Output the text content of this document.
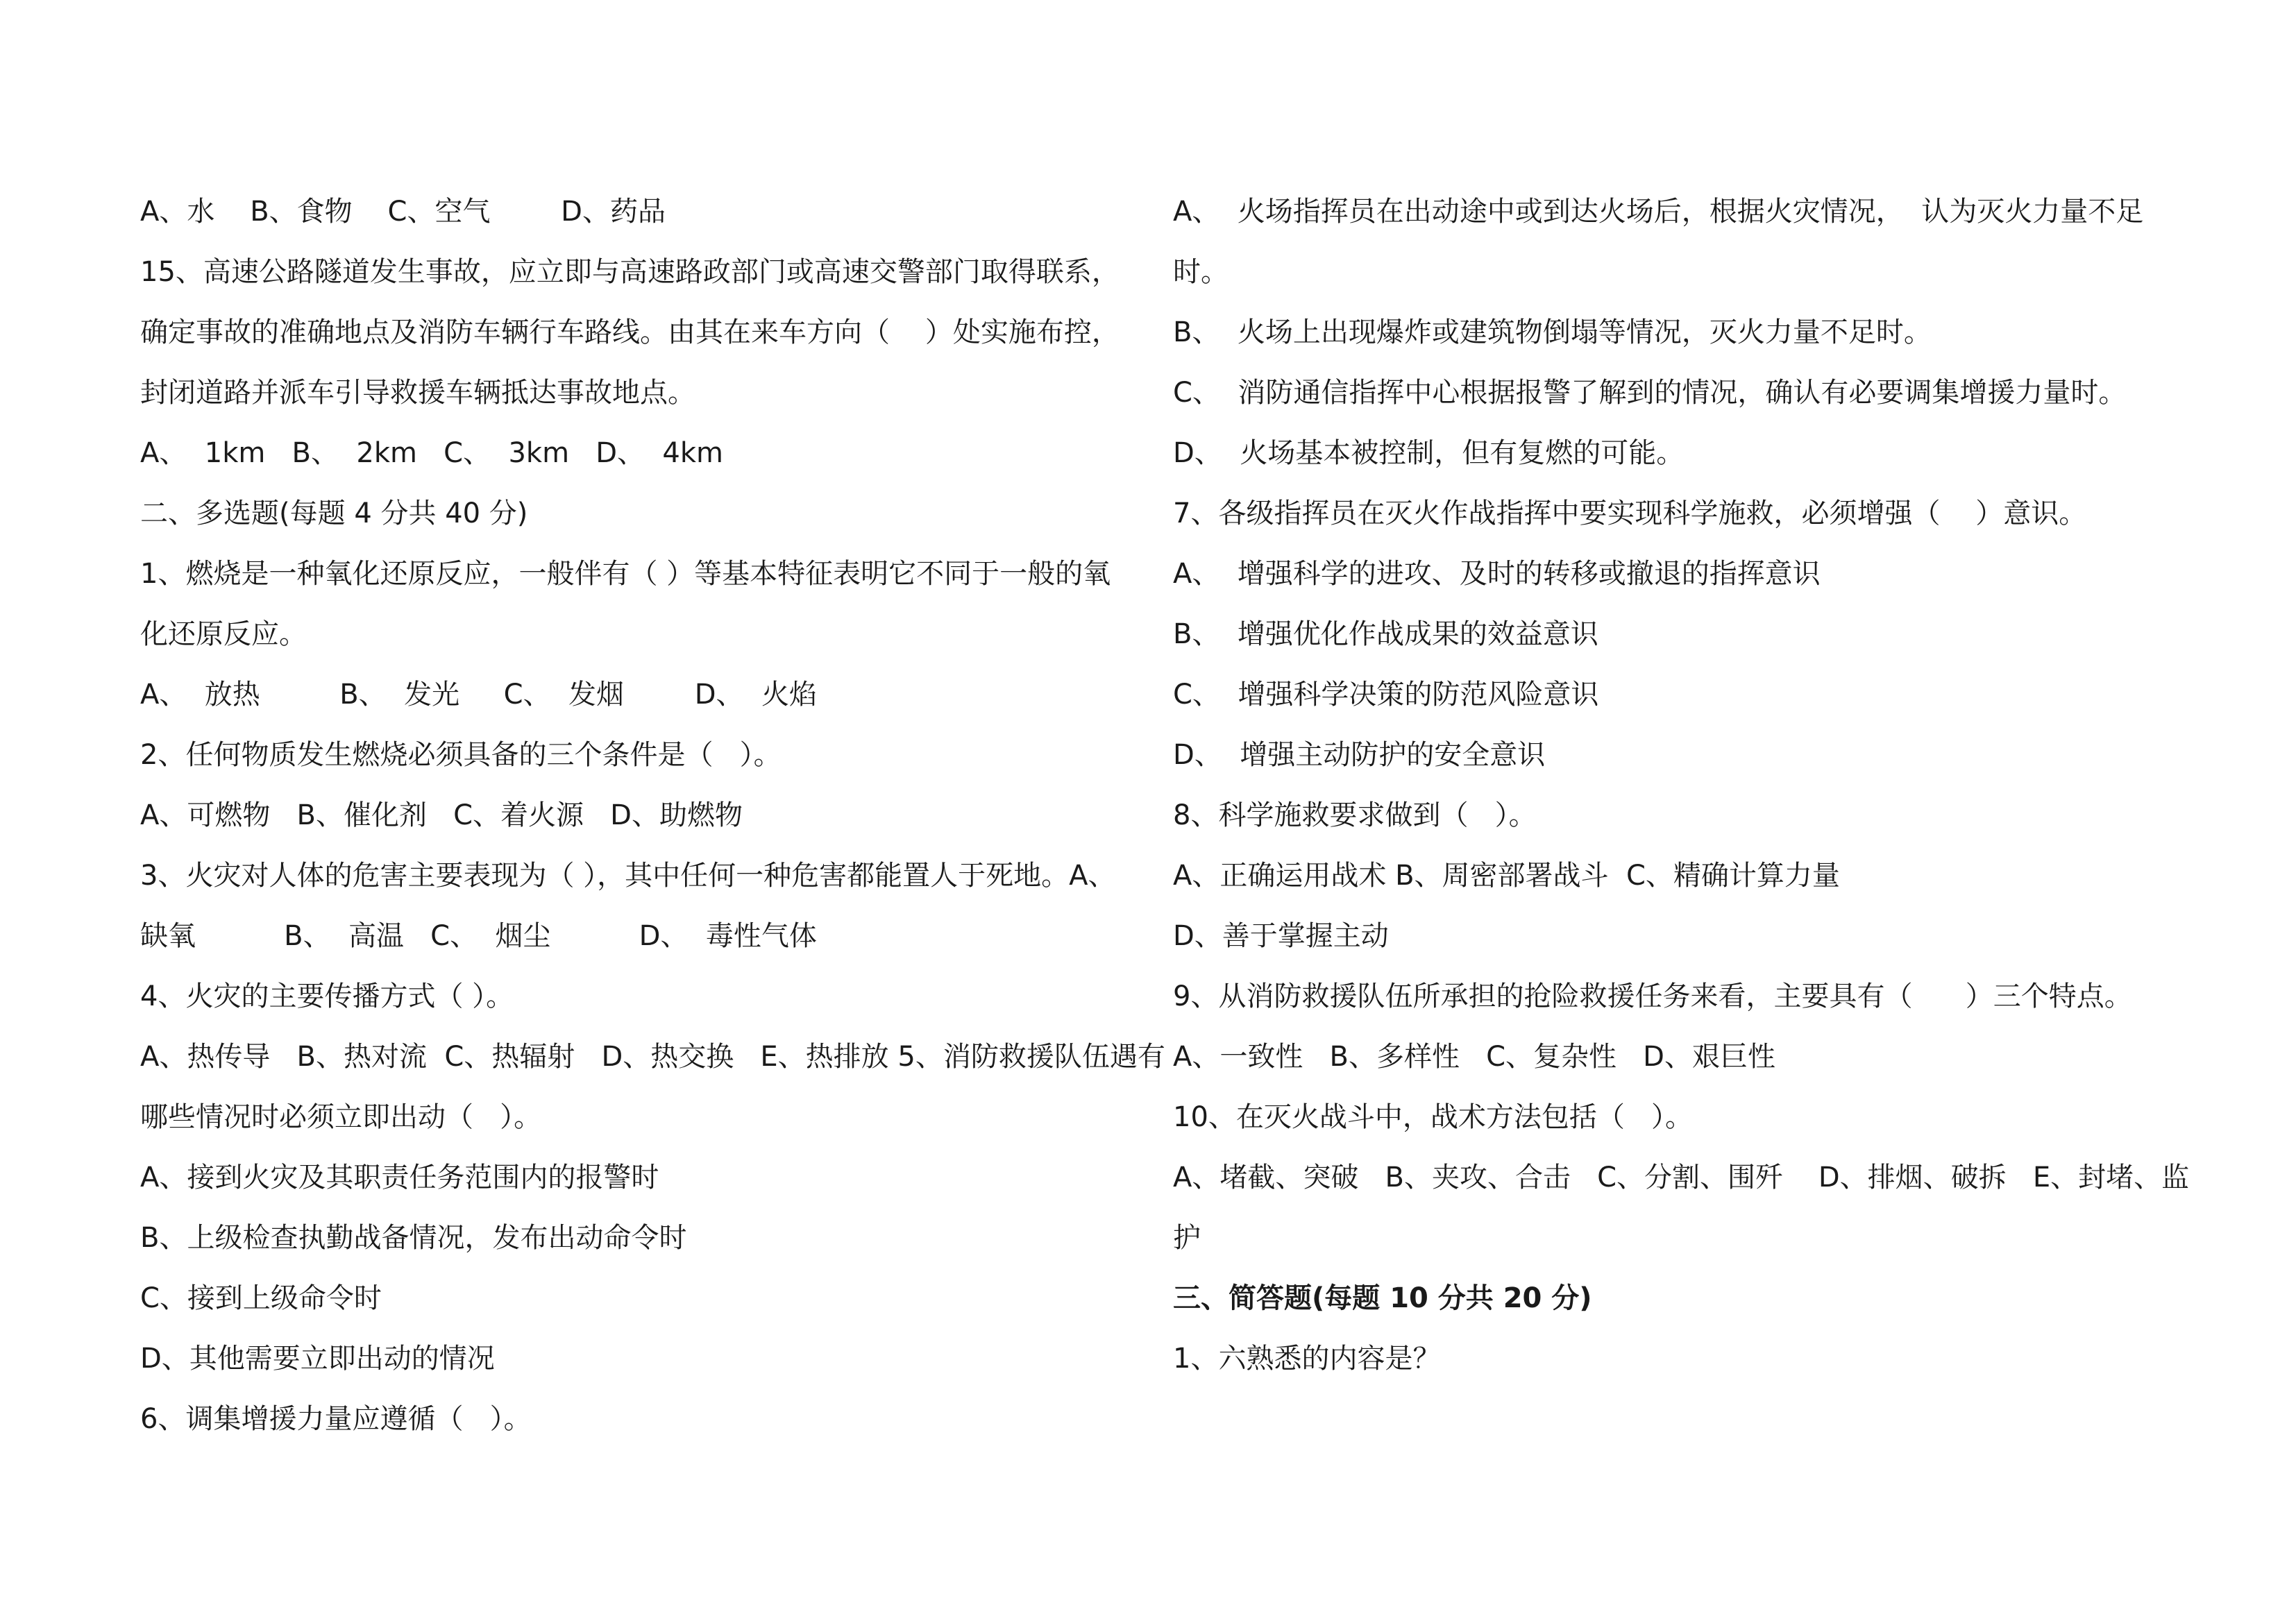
A、水    B、食物    C、空气        D、药品
15、高速公路隧道发生事故，应立即与高速路政部门或高速交警部门取得联系，
确定事故的准确地点及消防车辆行车路线。由其在来车方向（    ）处实施布控，
封闭道路并派车引导救援车辆抵达事故地点。
A、  1km   B、  2km   C、  3km   D、  4km
二、多选题(每题 4 分共 40 分)
1、燃烧是一种氧化还原反应，一般伴有（ ）等基本特征表明它不同于一般的氧
化还原反应。
A、  放热         B、  发光     C、  发烟        D、  火焰
2、任何物质发生燃烧必须具备的三个条件是（   ）。
A、可燃物   B、催化剂   C、着火源   D、助燃物
3、火灾对人体的危害主要表现为（ ），其中任何一种危害都能置人于死地。A、
缺氧          B、  高温   C、  烟尘          D、  毒性气体
4、火灾的主要传播方式（ ）。
A、热传导   B、热对流  C、热辐射   D、热交换   E、热排放 5、消防救援队伍遇有
哪些情况时必须立即出动（   ）。
A、接到火灾及其职责任务范围内的报警时
B、上级检查执勤战备情况，发布出动命令时
C、接到上级命令时
D、其他需要立即出动的情况
6、调集增援力量应遵循（   ）。
A、  火场指挥员在出动途中或到达火场后，根据火灾情况，  认为灭火力量不足
时。
B、  火场上出现爆炸或建筑物倒塌等情况，灭火力量不足时。
C、  消防通信指挥中心根据报警了解到的情况，确认有必要调集增援力量时。
D、  火场基本被控制，但有复燃的可能。
7、各级指挥员在灭火作战指挥中要实现科学施救，必须增强（    ）意识。
A、  增强科学的进攻、及时的转移或撤退的指挥意识
B、  增强优化作战成果的效益意识
C、  增强科学决策的防范风险意识
D、  增强主动防护的安全意识
8、科学施救要求做到（   ）。
A、正确运用战术 B、周密部署战斗  C、精确计算力量
D、善于掌握主动
9、从消防救援队伍所承担的抢险救援任务来看，主要具有（      ）三个特点。
A、一致性   B、多样性   C、复杂性   D、艰巨性
10、在灭火战斗中，战术方法包括（   ）。
A、堵截、突破   B、夹攻、合击   C、分割、围歼    D、排烟、破拆   E、封堵、监
护
三、简答题(每题 10 分共 20 分)
1、六熟悉的内容是？
